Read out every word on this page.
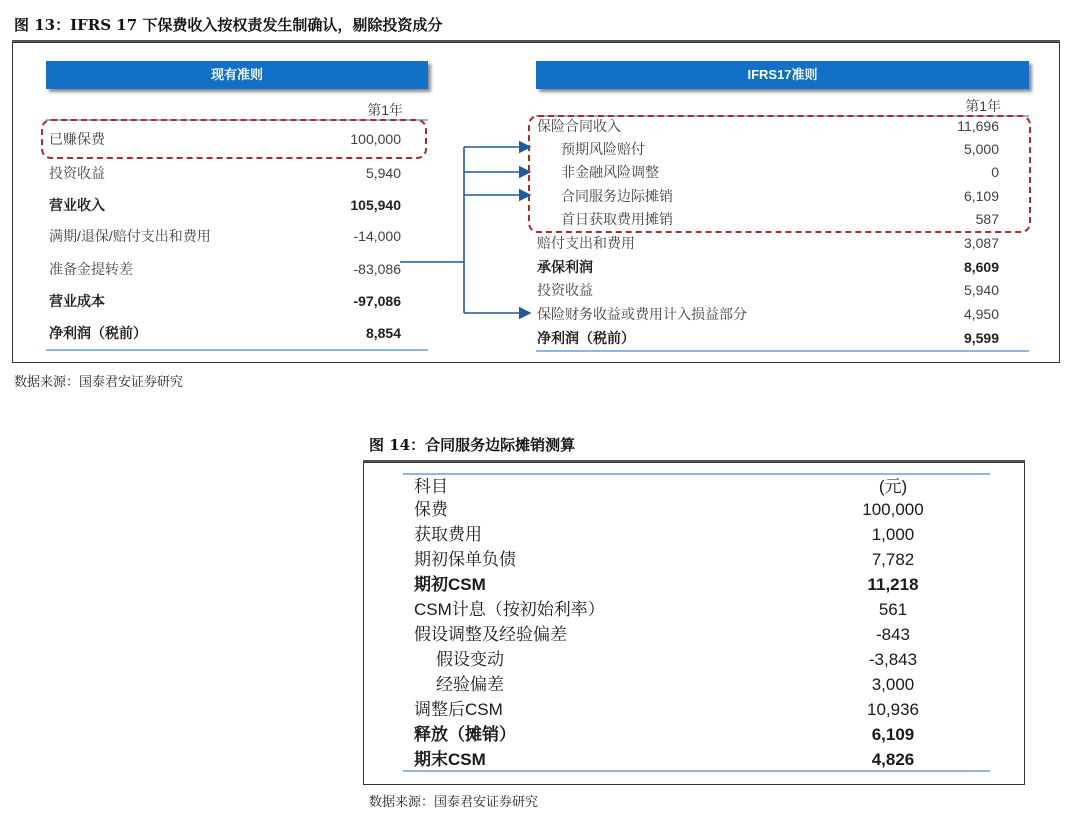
图 13：IFRS 17 下保费收入按权责发生制确认，剔除投资成分
现有准则
第1年
已赚保费	100,000
投资收益	5,940
营业收入	105,940
满期/退保/赔付支出和费用	-14,000
准备金提转差	-83,086
营业成本	-97,086
净利润（税前）	8,854
IFRS17准则
第1年
保险合同收入	11,696
预期风险赔付	5,000
非金融风险调整	0
合同服务边际摊销	6,109
首日获取费用摊销	587
赔付支出和费用	3,087
承保利润	8,609
投资收益	5,940
保险财务收益或费用计入损益部分	4,950
净利润（税前）	9,599
数据来源：国泰君安证券研究
图 14：合同服务边际摊销测算
科目	(元)
保费	100,000
获取费用	1,000
期初保单负债	7,782
期初CSM	11,218
CSM计息（按初始利率）	561
假设调整及经验偏差	-843
假设变动	-3,843
经验偏差	3,000
调整后CSM	10,936
释放（摊销）	6,109
期末CSM	4,826
数据来源：国泰君安证券研究
